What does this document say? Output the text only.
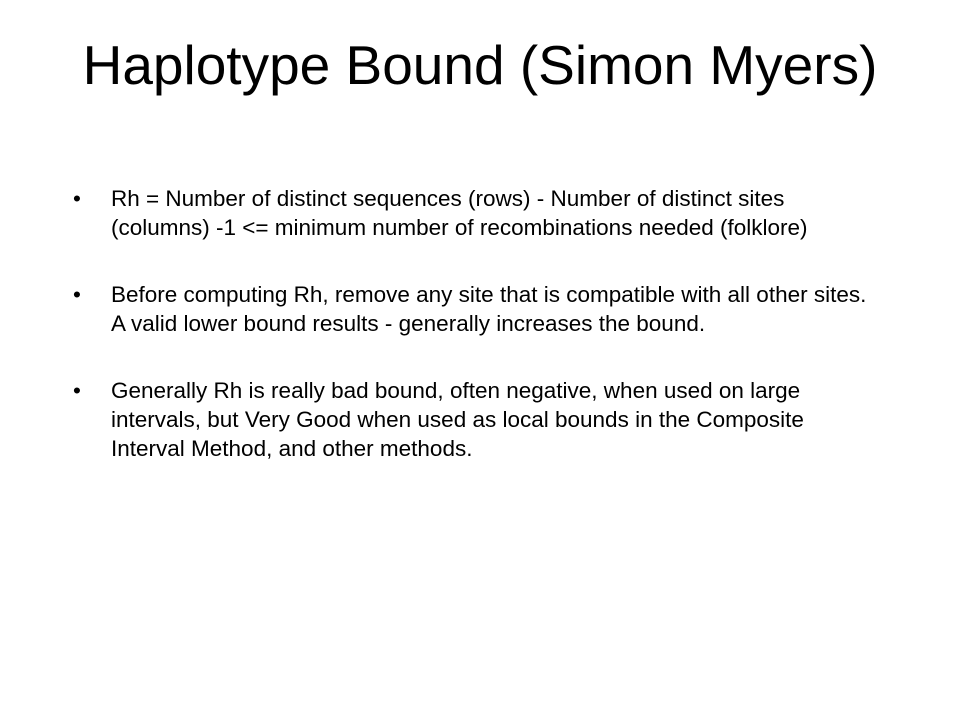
Haplotype Bound (Simon Myers)
• Rh = Number of distinct sequences (rows) - Number of distinct sites (columns) -1 <= minimum number of recombinations needed (folklore)
• Before computing Rh, remove any site that is compatible with all other sites. A valid lower bound results - generally increases the bound.
• Generally Rh is really bad bound, often negative, when used on large intervals, but Very Good when used as local bounds in the Composite Interval Method, and other methods.
